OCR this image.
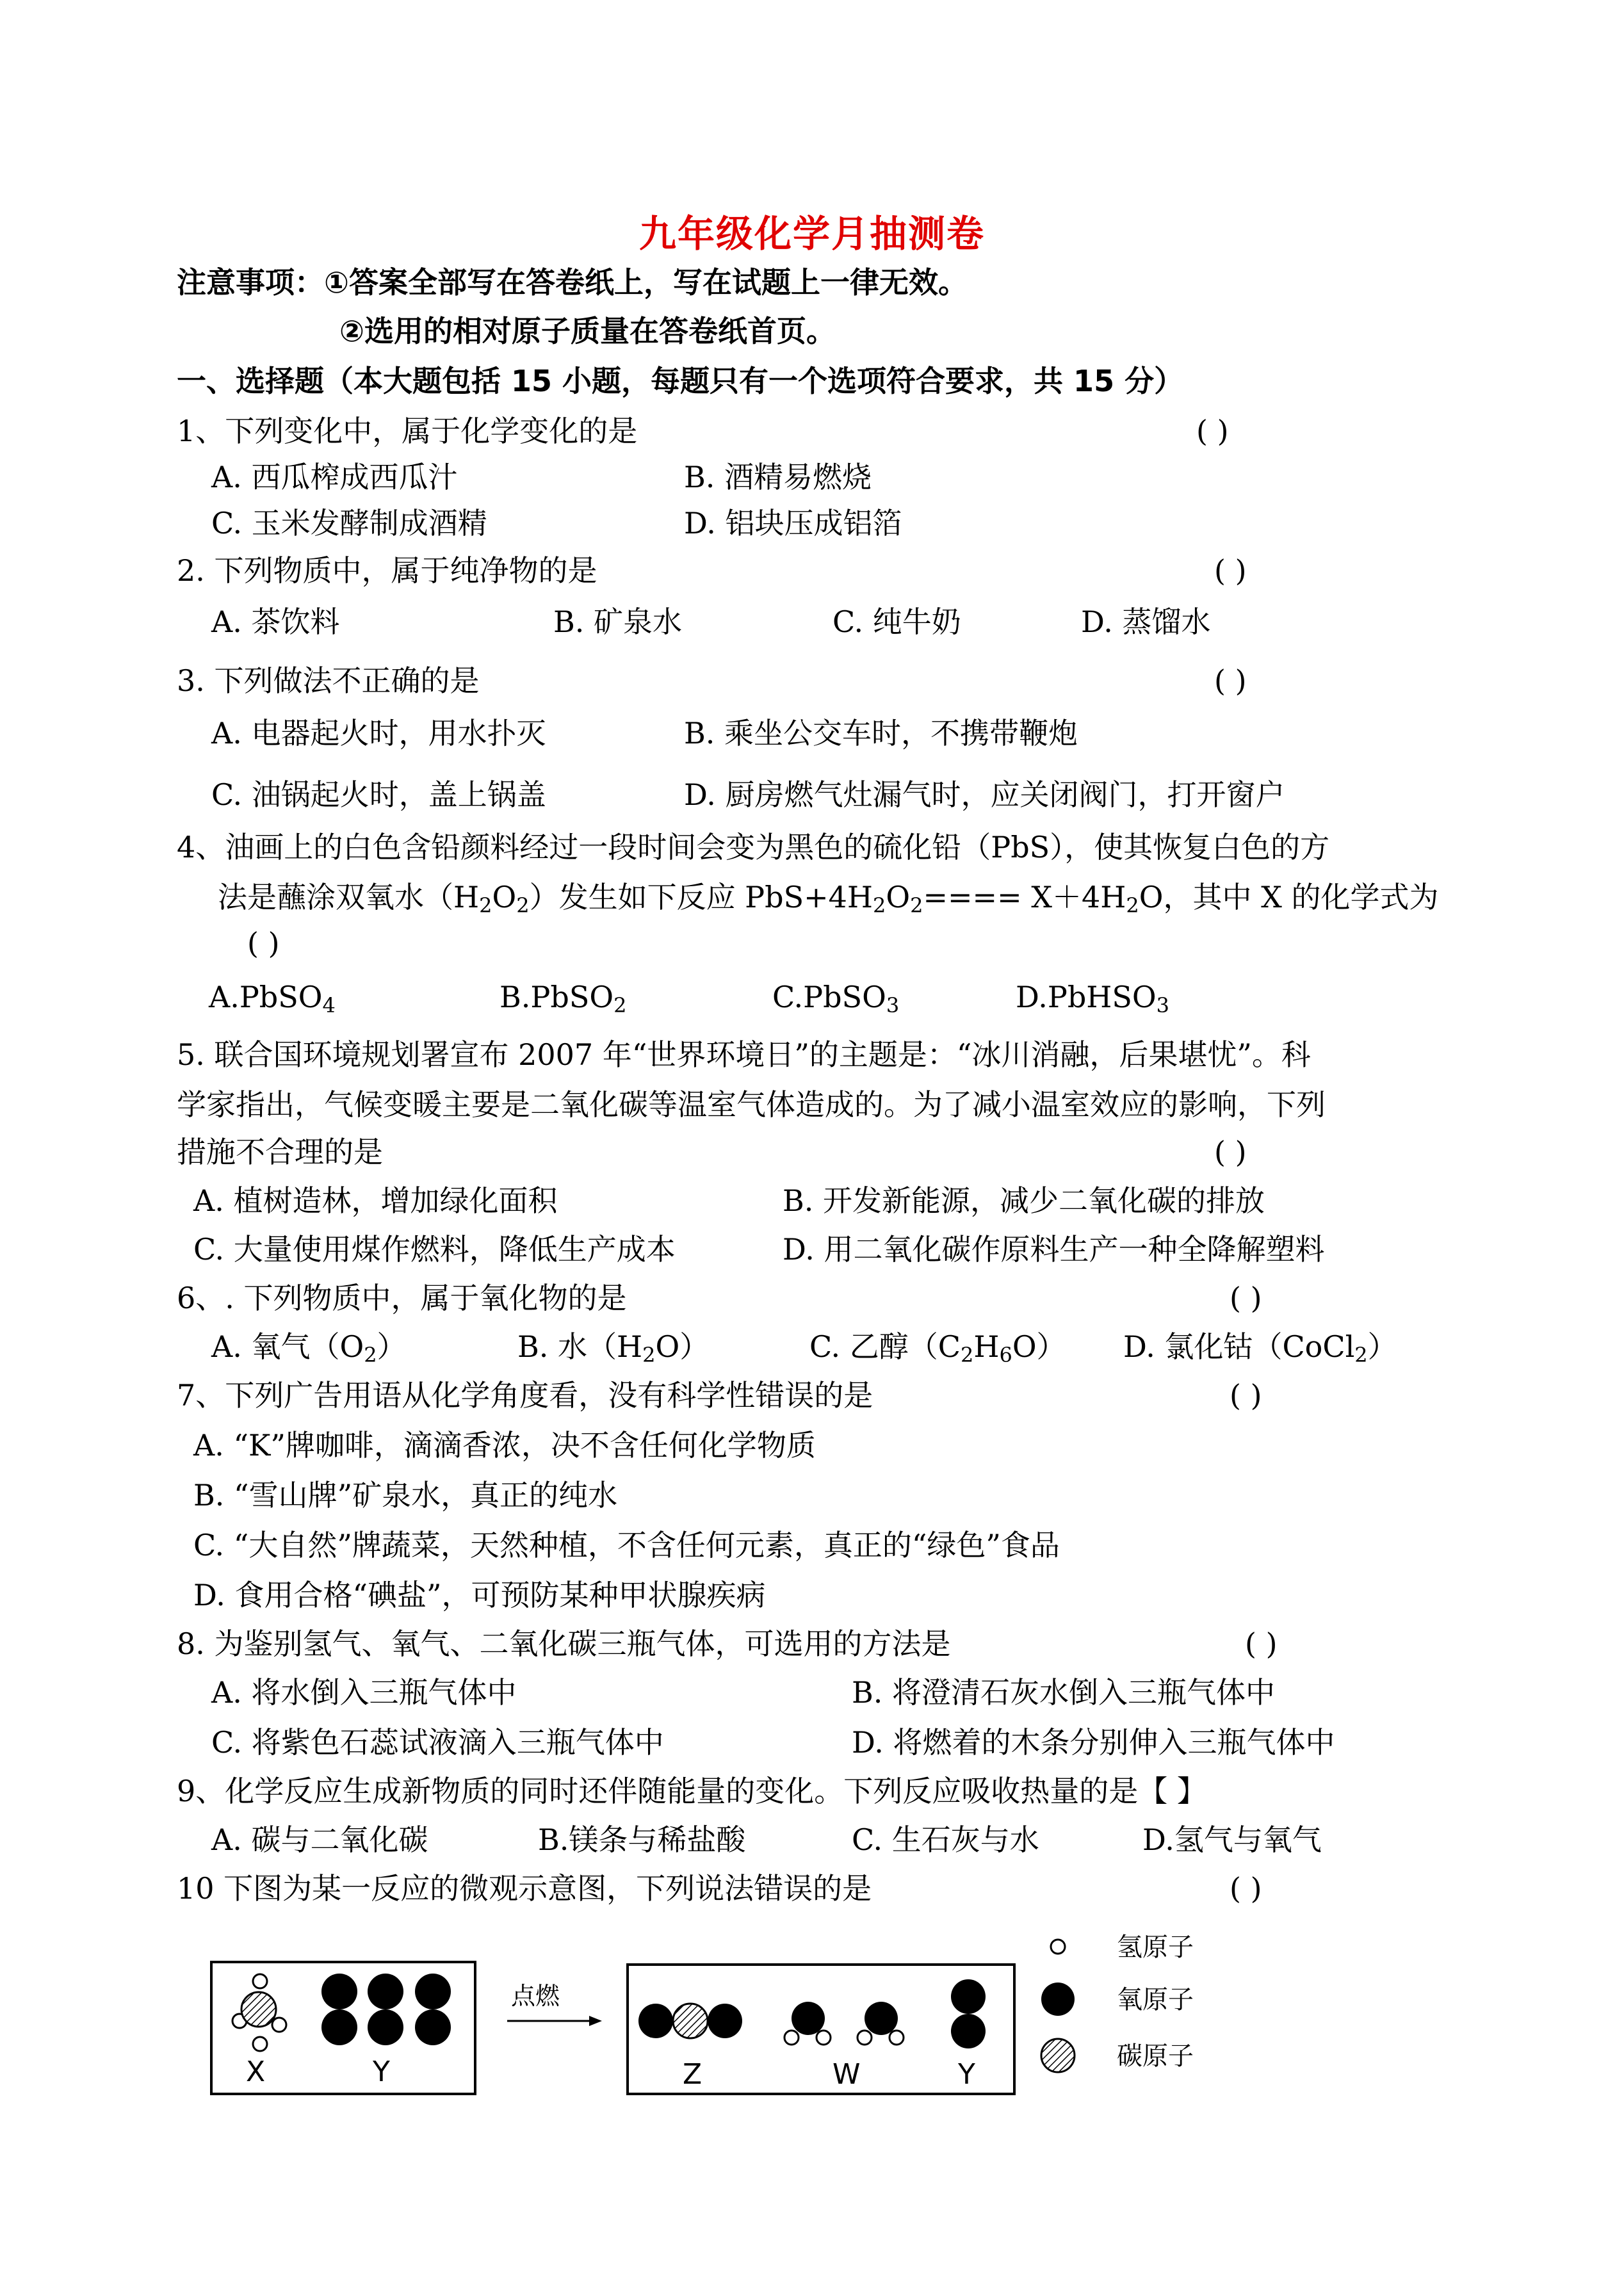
九年级化学月抽测卷
注意事项：①答案全部写在答卷纸上，写在试题上一律无效。
②选用的相对原子质量在答卷纸首页。
一、选择题（本大题包括 15 小题，每题只有一个选项符合要求，共 15 分）
1、下列变化中，属于化学变化的是	( )
A. 西瓜榨成西瓜汁	B. 酒精易燃烧
C. 玉米发酵制成酒精	D. 铝块压成铝箔
2. 下列物质中，属于纯净物的是	( )
A. 茶饮料	B. 矿泉水	C. 纯牛奶	D. 蒸馏水
3. 下列做法不正确的是	( )
A. 电器起火时，用水扑灭	B. 乘坐公交车时，不携带鞭炮
C. 油锅起火时，盖上锅盖	D. 厨房燃气灶漏气时，应关闭阀门，打开窗户
4、油画上的白色含铅颜料经过一段时间会变为黑色的硫化铅（PbS），使其恢复白色的方
法是蘸涂双氧水$(H_2O_2)$发生如下反应 $PbS+4H_2O_2==== X+4H_2O$，其中 X 的化学式为
( )
A.PbSO$_4$	B.PbSO$_2$	C.PbSO$_3$	D.PbHSO$_3$
5. 联合国环境规划署宣布 2007 年“世界环境日”的主题是：“冰川消融，后果堪忧”。科
学家指出，气候变暖主要是二氧化碳等温室气体造成的。为了减小温室效应的影响，下列
措施不合理的是	( )
A. 植树造林，增加绿化面积	B. 开发新能源，减少二氧化碳的排放
C. 大量使用煤作燃料，降低生产成本	D. 用二氧化碳作原料生产一种全降解塑料
6、. 下列物质中，属于氧化物的是	( )
A. 氧气$(O_2)$	B. 水$(H_2O)$	C. 乙醇$(C_2H_6O)$ D. 氯化钴（CoCl$_2$）
7、下列广告用语从化学角度看，没有科学性错误的是	( )
A. “K”牌咖啡，滴滴香浓，决不含任何化学物质
B. “雪山牌”矿泉水，真正的纯水
C. “大自然”牌蔬菜，天然种植，不含任何元素，真正的“绿色”食品
D. 食用合格“碘盐”，可预防某种甲状腺疾病
8. 为鉴别氢气、氧气、二氧化碳三瓶气体，可选用的方法是	( )
A. 将水倒入三瓶气体中	B. 将澄清石灰水倒入三瓶气体中
C. 将紫色石蕊试液滴入三瓶气体中	D. 将燃着的木条分别伸入三瓶气体中
9、化学反应生成新物质的同时还伴随能量的变化。下列反应吸收热量的是【 】
A. 碳与二氧化碳	B.镁条与稀盐酸	C. 生石灰与水	D.氢气与氧气
10 下图为某一反应的微观示意图，下列说法错误的是	( )
X	Y
点燃
Z	W	Y
氢原子
氧原子
碳原子
